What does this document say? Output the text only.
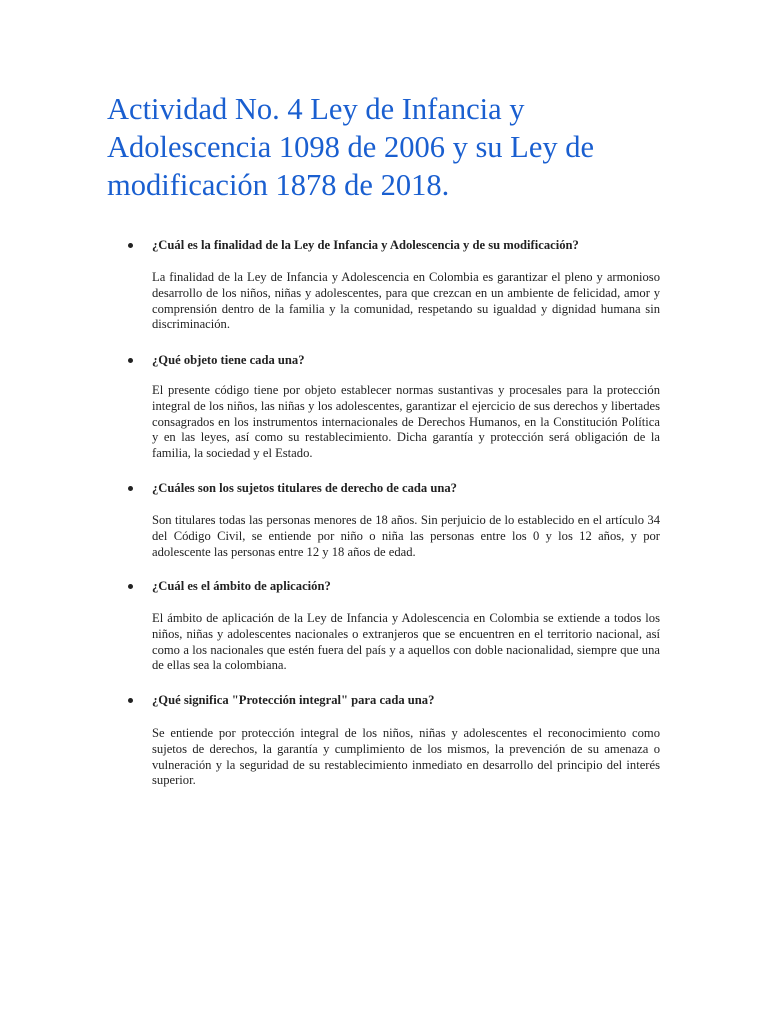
Actividad No. 4 Ley de Infancia y Adolescencia 1098 de 2006 y su Ley de modificación 1878 de 2018.

¿Cuál es la finalidad de la Ley de Infancia y Adolescencia y de su modificación?

La finalidad de la Ley de Infancia y Adolescencia en Colombia es garantizar el pleno y armonioso desarrollo de los niños, niñas y adolescentes, para que crezcan en un ambiente de felicidad, amor y comprensión dentro de la familia y la comunidad, respetando su igualdad y dignidad humana sin discriminación.

¿Qué objeto tiene cada una?

El presente código tiene por objeto establecer normas sustantivas y procesales para la protección integral de los niños, las niñas y los adolescentes, garantizar el ejercicio de sus derechos y libertades consagrados en los instrumentos internacionales de Derechos Humanos, en la Constitución Política y en las leyes, así como su restablecimiento. Dicha garantía y protección será obligación de la familia, la sociedad y el Estado.

¿Cuáles son los sujetos titulares de derecho de cada una?

Son titulares todas las personas menores de 18 años. Sin perjuicio de lo establecido en el artículo 34 del Código Civil, se entiende por niño o niña las personas entre los 0 y los 12 años, y por adolescente las personas entre 12 y 18 años de edad.

¿Cuál es el ámbito de aplicación?

El ámbito de aplicación de la Ley de Infancia y Adolescencia en Colombia se extiende a todos los niños, niñas y adolescentes nacionales o extranjeros que se encuentren en el territorio nacional, así como a los nacionales que estén fuera del país y a aquellos con doble nacionalidad, siempre que una de ellas sea la colombiana.

¿Qué significa "Protección integral" para cada una?

Se entiende por protección integral de los niños, niñas y adolescentes el reconocimiento como sujetos de derechos, la garantía y cumplimiento de los mismos, la prevención de su amenaza o vulneración y la seguridad de su restablecimiento inmediato en desarrollo del principio del interés superior.
